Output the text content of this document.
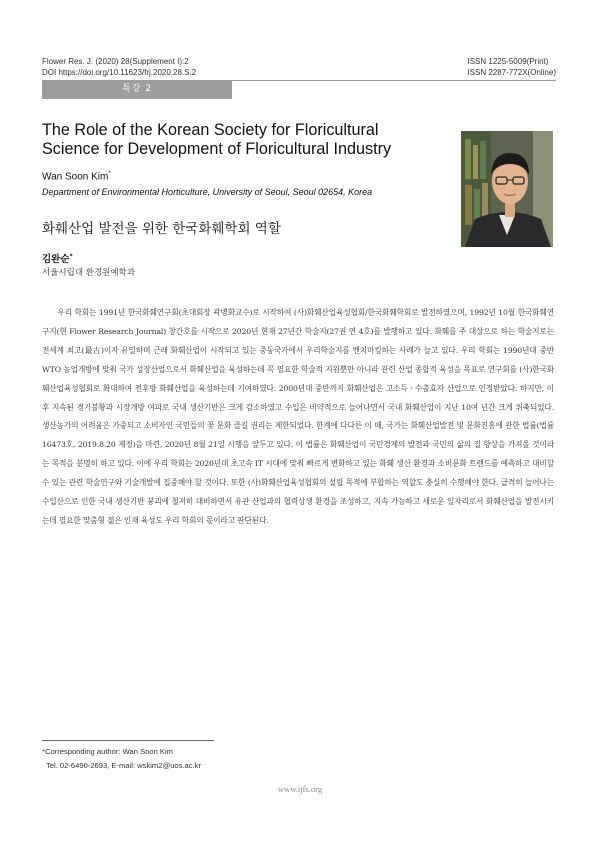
Flower Res. J. (2020) 28(Supplement I):2
DOI https://doi.org/10.11623/frj.2020.28.S.2
ISSN 1225-5009(Print)
ISSN 2287-772X(Online)
특강 2
The Role of the Korean Society for Floricultural
Science for Development of Floricultural Industry
Wan Soon Kim*
Department of Environmental Horticulture, University of Seoul, Seoul 02654, Korea
화훼산업 발전을 위한 한국화훼학회 역할
김완순*
서울시립대 환경원예학과
우리 학회는 1991년 한국화훼연구회(초대회장 곽병화교수)로 시작하여 (사)화훼산업육성협회/한국화훼학회로 발전하였으며, 1992년 10월 한국화훼연구지(현 Flower Research Journal) 창간호를 시작으로 2020년 현재 27년간 학술지(27권 연 4호)를 발행하고 있다. 화훼를 주 대상으로 하는 학술지로는 전세계 최고(最古)이자 유일하며 근래 화훼산업이 시작되고 있는 중동국가에서 우리학술지를 벤치마킹하는 사례가 늘고 있다. 우리 학회는 1990년대 중반 WTO 농업개방에 맞춰 국가 성장산업으로서 화훼산업을 육성하는데 꼭 필요한 학술적 지원뿐만 아니라 관련 산업 종합적 육성을 목표로 연구회를 (사)한국화훼산업육성협회로 확대하여 전후방 화훼산업을 육성하는데 기여하였다. 2000년대 중반까지 화훼산업은 고소득ㆍ수출효자 산업으로 인정받았다. 하지만, 이후 지속된 경기불황과 시장개방 여파로 국내 생산기반은 크게 감소하였고 수입은 비약적으로 늘어나면서 국내 화훼산업이 지난 10여 년간 크게 위축되었다. 생산농가의 어려움은 가중되고 소비자인 국민들의 꽃 문화 즐길 권리는 제한되었다. 한계에 다다른 이 때, 국가는 화훼산업발전 및 문화진흥에 관한 법률(법률 16473호, 2019.8.20 제정)을 마련, 2020년 8월 21일 시행을 앞두고 있다. 이 법률은 화훼산업이 국민경제의 발전과 국민의 삶의 질 향상을 가져올 것이라는 목적을 분명히 하고 있다. 이에 우리 학회는 2020년대 초고속 IT 시대에 맞춰 빠르게 변화하고 있는 화훼 생산 환경과 소비문화 트렌드를 예측하고 대비할 수 있는 관련 학술연구와 기술개발에 집중해야 할 것이다. 또한 (사)화훼산업육성협회의 설립 목적에 부합하는 역할도 충실히 수행해야 한다. 급격히 늘어나는 수입산으로 인한 국내 생산기반 붕괴에 철저히 대비하면서 유관 산업과의 협력상생 환경을 조성하고, 지속 가능하고 새로운 일자리로서 화훼산업을 발전시키는데 필요한 맞춤형 젊은 인재 육성도 우리 학회의 몫이라고 판단된다.
*Corresponding author: Wan Soon Kim
Tel. 02-6490-2693, E-mail: wskim2@uos.ac.kr
www.ijfs.org
